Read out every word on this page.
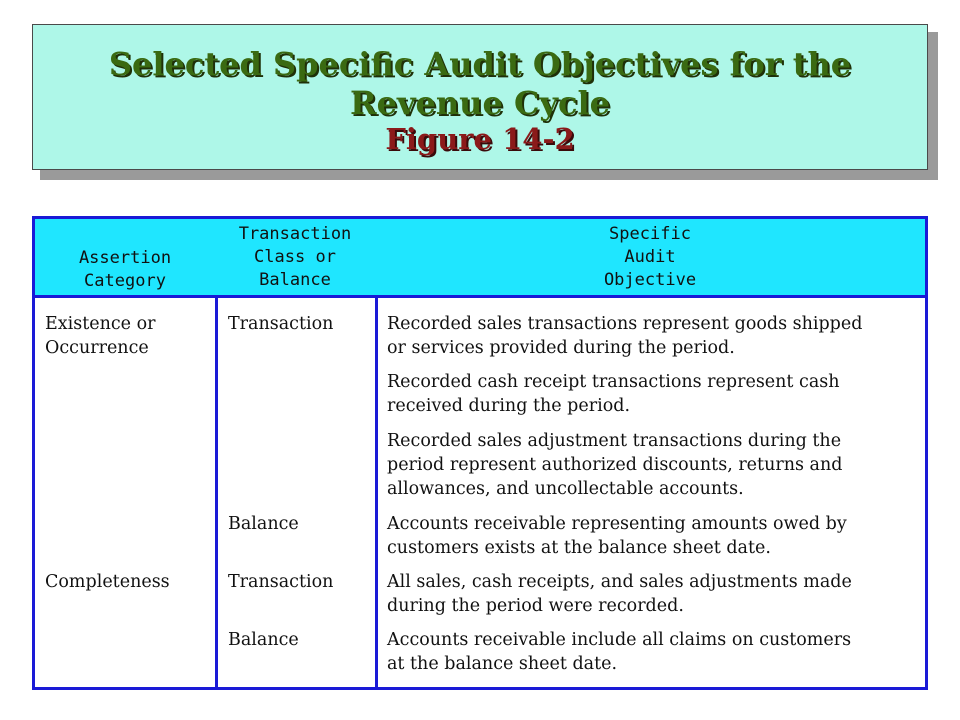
Selected Specific Audit Objectives for the

Revenue Cycle

Figure 14-2

Assertion
Category
Transaction
Class or
Balance
Specific
Audit
Objective

Existence or
Occurrence

Completeness

Transaction

Balance

Transaction

Balance

Recorded sales transactions represent goods shipped
or services provided during the period.

Recorded cash receipt transactions represent cash
received during the period.

Recorded sales adjustment transactions during the
period represent authorized discounts, returns and
allowances, and uncollectable accounts.

Accounts receivable representing amounts owed by
customers exists at the balance sheet date.

All sales, cash receipts, and sales adjustments made
during the period were recorded.

Accounts receivable include all claims on customers
at the balance sheet date.
